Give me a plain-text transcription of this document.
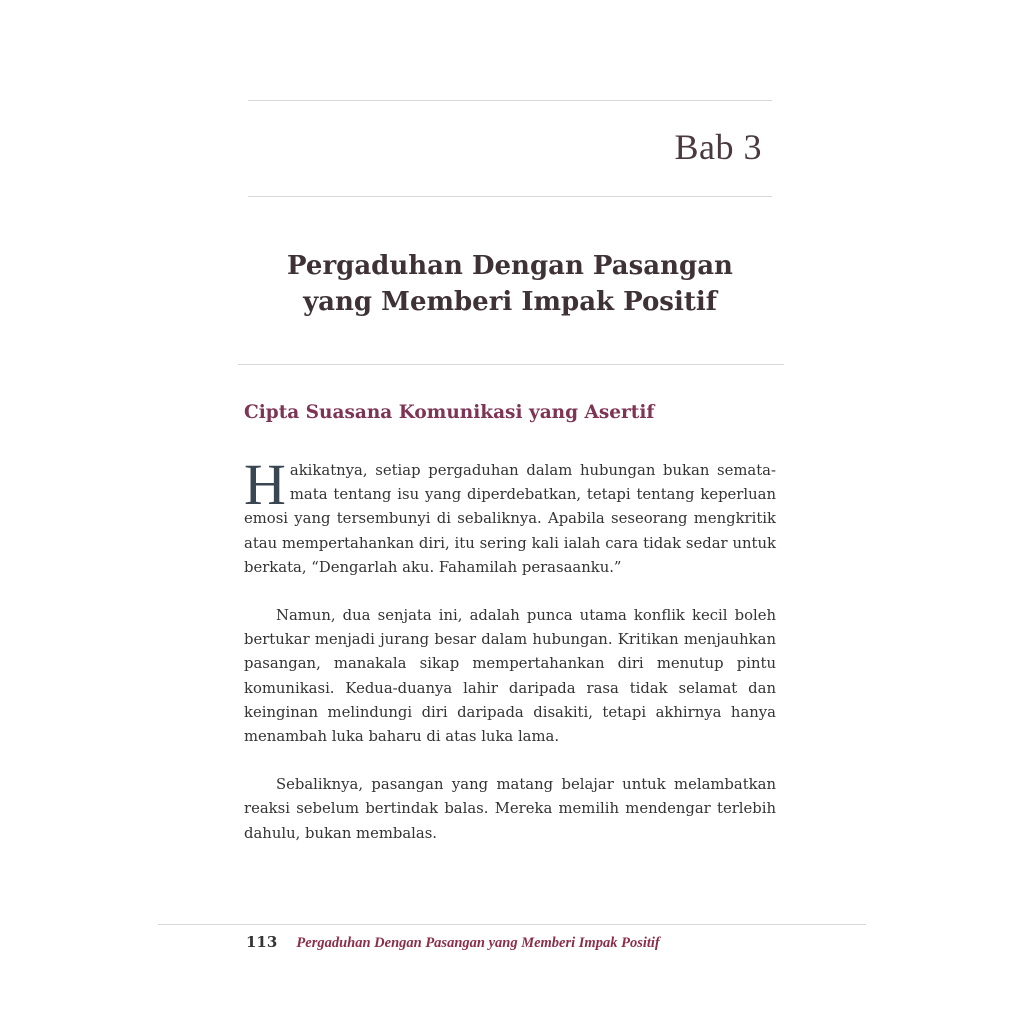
Bab 3
Pergaduhan Dengan Pasangan
yang Memberi Impak Positif
Cipta Suasana Komunikasi yang Asertif

Hakikatnya, setiap pergaduhan dalam hubungan bukan semata-mata tentang isu yang diperdebatkan, tetapi tentang keperluan emosi yang tersembunyi di sebaliknya. Apabila seseorang mengkritik atau mempertahankan diri, itu sering kali ialah cara tidak sedar untuk berkata, “Dengarlah aku. Fahamilah perasaanku.”

Namun, dua senjata ini, adalah punca utama konflik kecil boleh bertukar menjadi jurang besar dalam hubungan. Kritikan menjauhkan pasangan, manakala sikap mempertahankan diri menutup pintu komunikasi. Kedua-duanya lahir daripada rasa tidak selamat dan keinginan melindungi diri daripada disakiti, tetapi akhirnya hanya menambah luka baharu di atas luka lama.

Sebaliknya, pasangan yang matang belajar untuk melambatkan reaksi sebelum bertindak balas. Mereka memilih mendengar terlebih dahulu, bukan membalas.

113 Pergaduhan Dengan Pasangan yang Memberi Impak Positif
